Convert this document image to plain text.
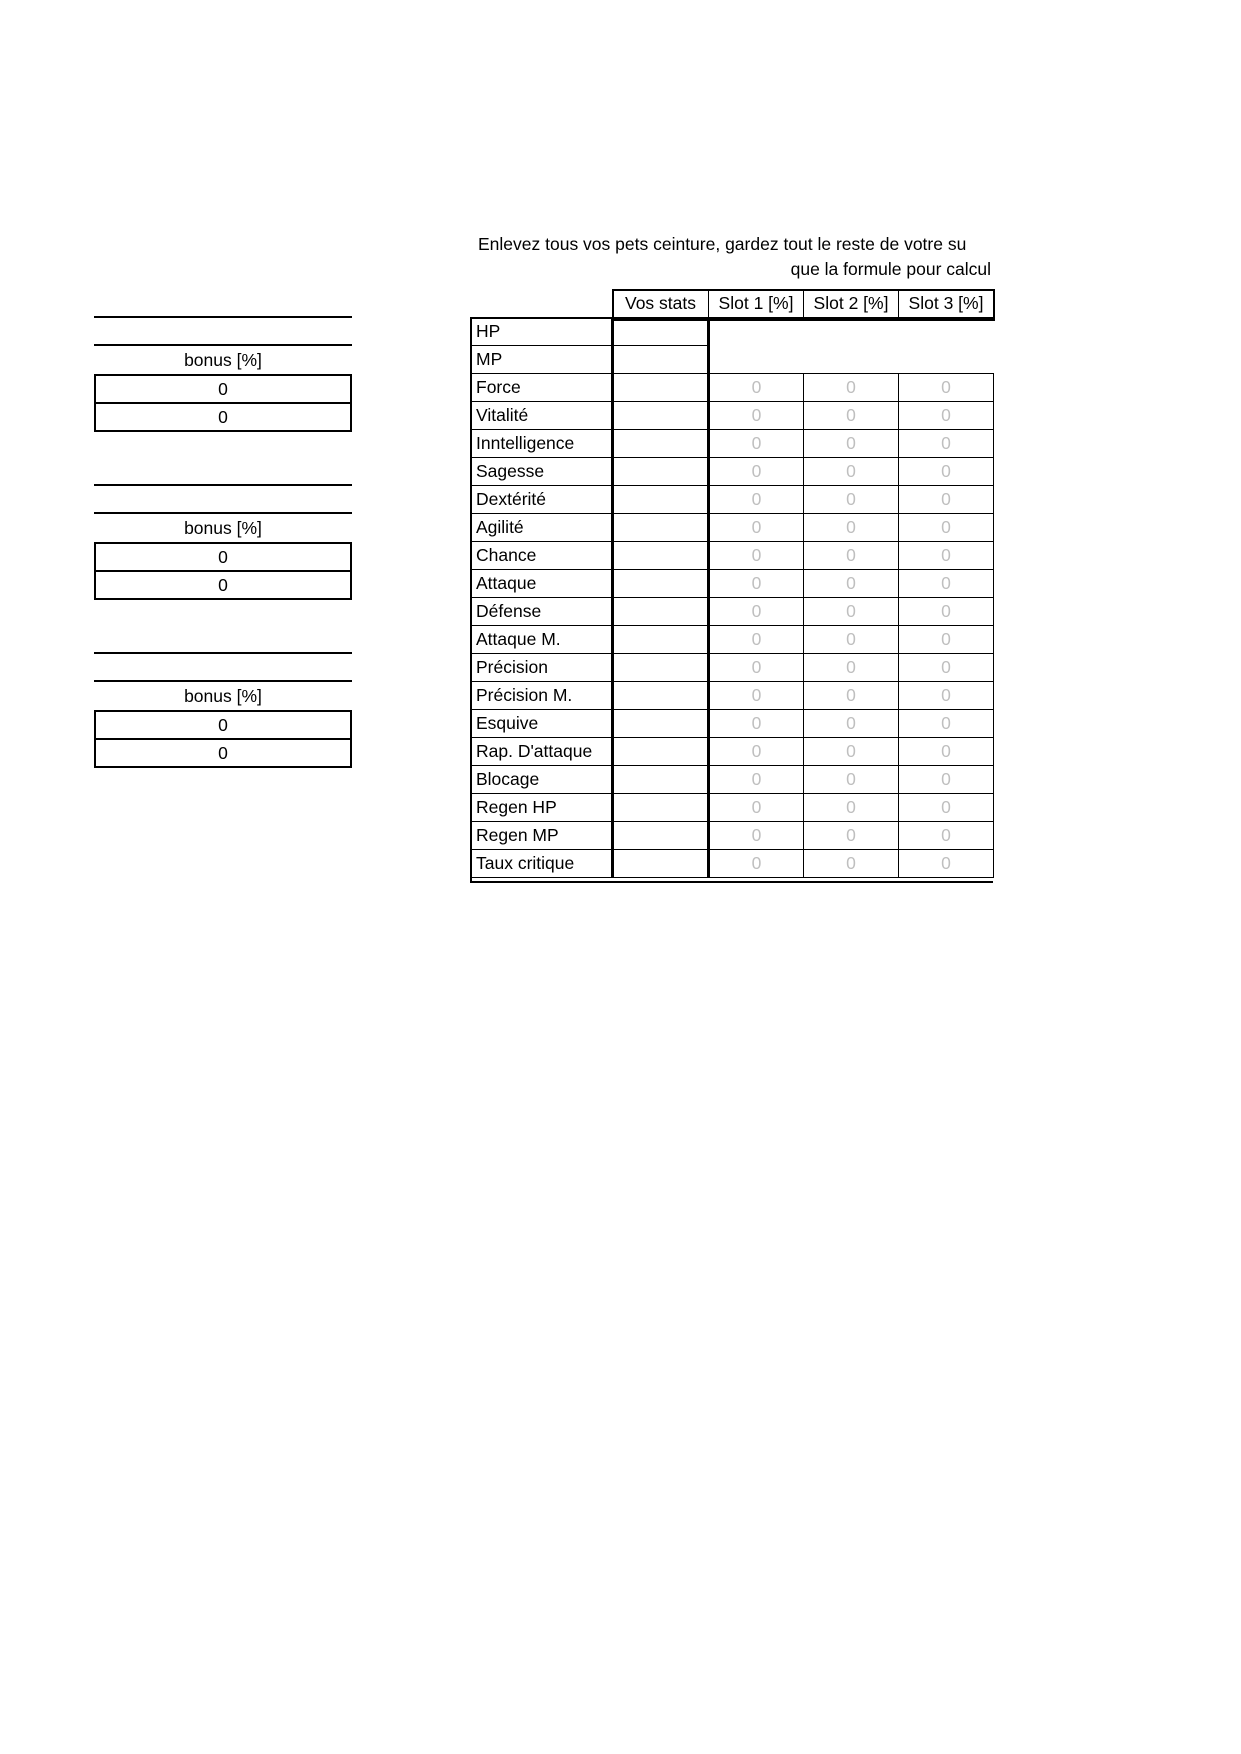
Enlevez tous vos pets ceinture, gardez tout le reste de votre su
que la formule pour calcul
bonus [%]
0
0
bonus [%]
0
0
bonus [%]
0
0
	Vos stats	Slot 1 [%]	Slot 2 [%]	Slot 3 [%]
HP				
MP				
Force		0	0	0
Vitalité		0	0	0
Inntelligence		0	0	0
Sagesse		0	0	0
Dextérité		0	0	0
Agilité		0	0	0
Chance		0	0	0
Attaque		0	0	0
Défense		0	0	0
Attaque M.		0	0	0
Précision		0	0	0
Précision M.		0	0	0
Esquive		0	0	0
Rap. D'attaque		0	0	0
Blocage		0	0	0
Regen HP		0	0	0
Regen MP		0	0	0
Taux critique		0	0	0
